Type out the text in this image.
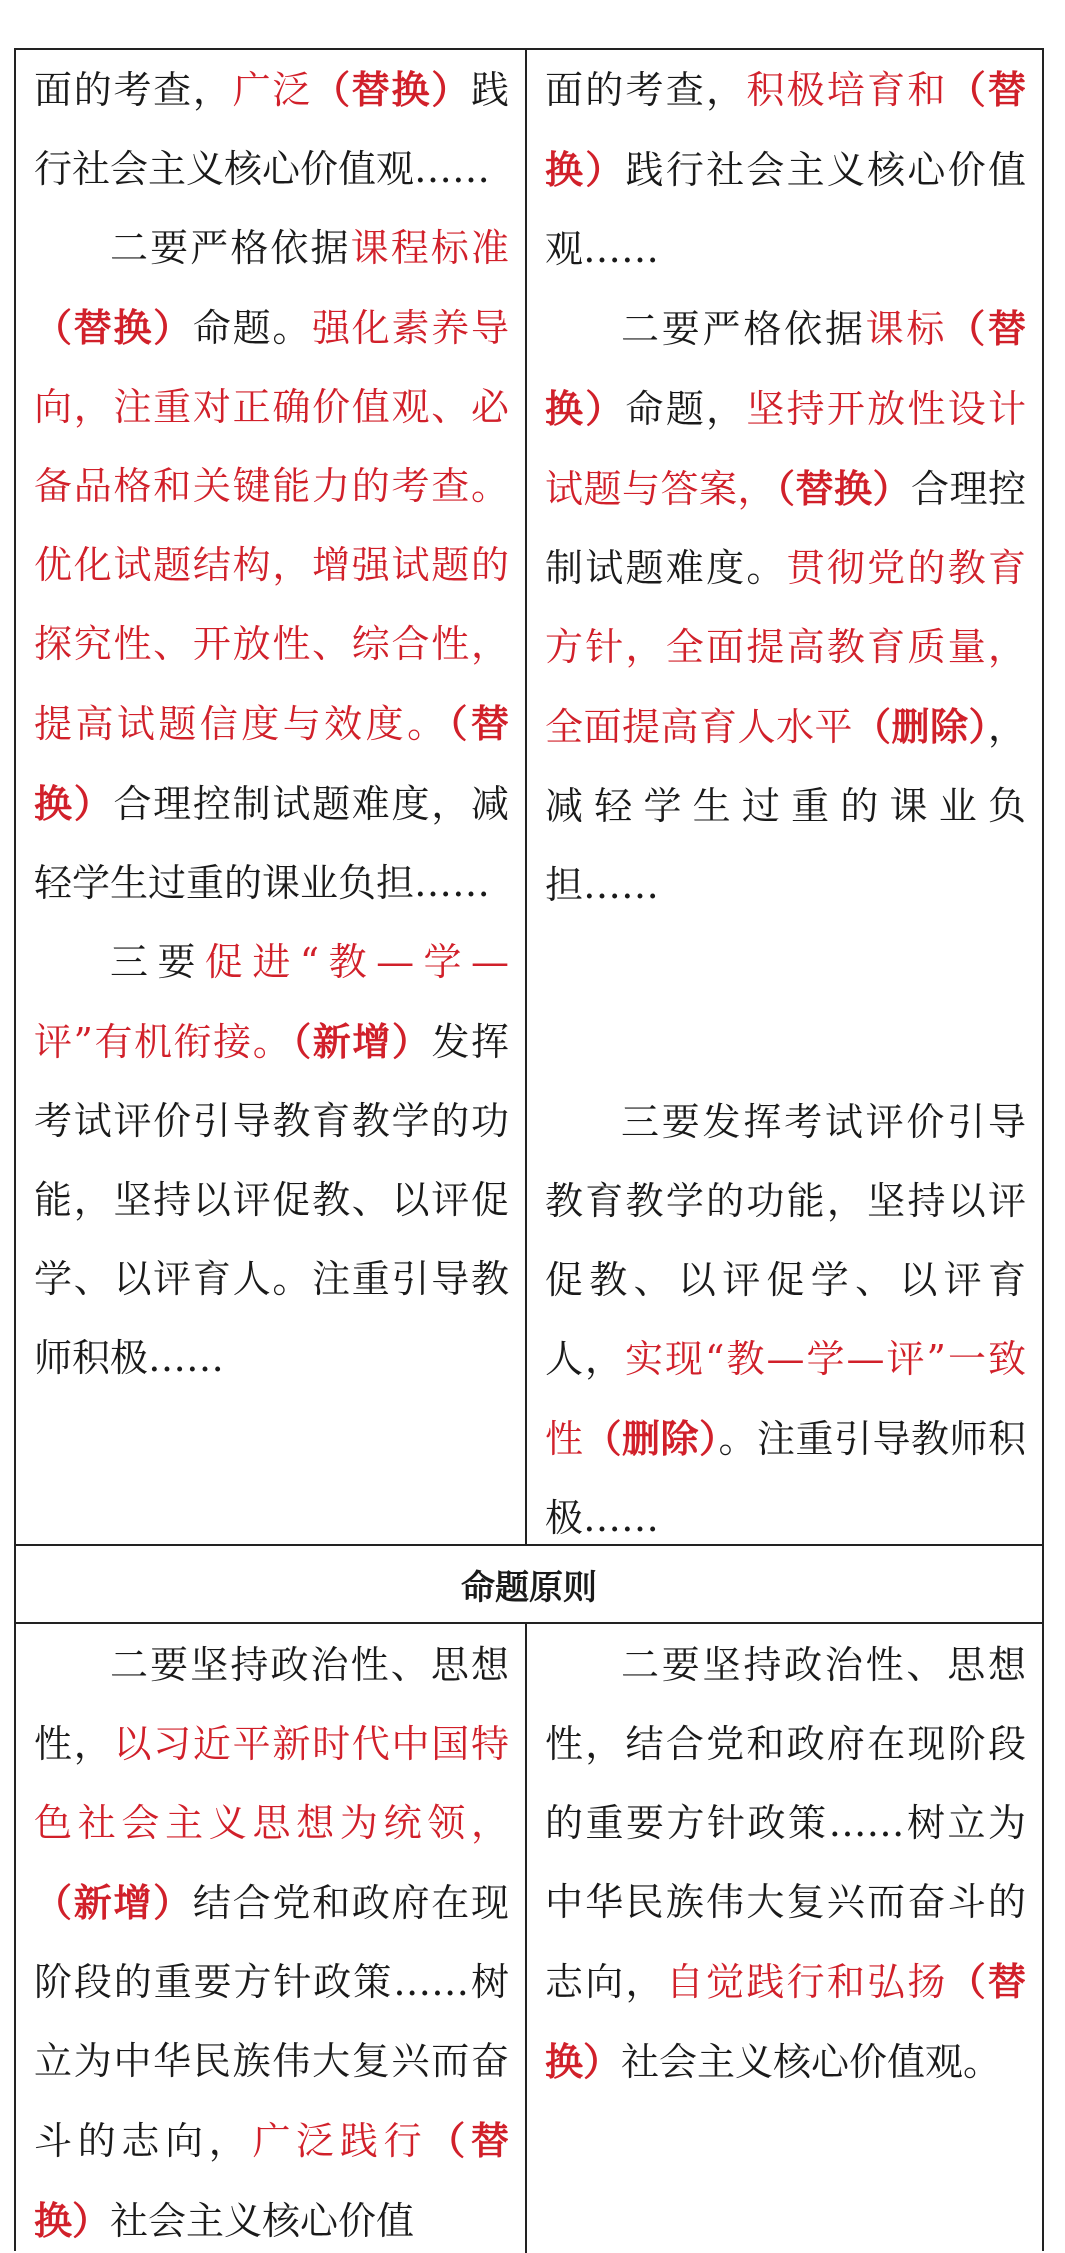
面的考查，广泛（替换）践行社会主义核心价值观……

二要严格依据课程标准（替换）命题。强化素养导向，注重对正确价值观、必备品格和关键能力的考查。优化试题结构，增强试题的探究性、开放性、综合性，提高试题信度与效度。（替换）合理控制试题难度，减轻学生过重的课业负担……

三要促进“教—学—评”有机衔接。（新增）发挥考试评价引导教育教学的功能，坚持以评促教、以评促学、以评育人。注重引导教师积极……

面的考查，积极培育和（替换）践行社会主义核心价值观……

二要严格依据课标（替换）命题，坚持开放性设计试题与答案，（替换）合理控制试题难度。贯彻党的教育方针，全面提高教育质量，全面提高育人水平（删除），减轻学生过重的课业负担……

三要发挥考试评价引导教育教学的功能，坚持以评促教、以评促学、以评育人，实现“教—学—评”一致性（删除）。注重引导教师积极……

命题原则

二要坚持政治性、思想性，以习近平新时代中国特色社会主义思想为统领，（新增）结合党和政府在现阶段的重要方针政策……树立为中华民族伟大复兴而奋斗的志向，广泛践行（替换）社会主义核心价值

二要坚持政治性、思想性，结合党和政府在现阶段的重要方针政策……树立为中华民族伟大复兴而奋斗的志向，自觉践行和弘扬（替换）社会主义核心价值观。
